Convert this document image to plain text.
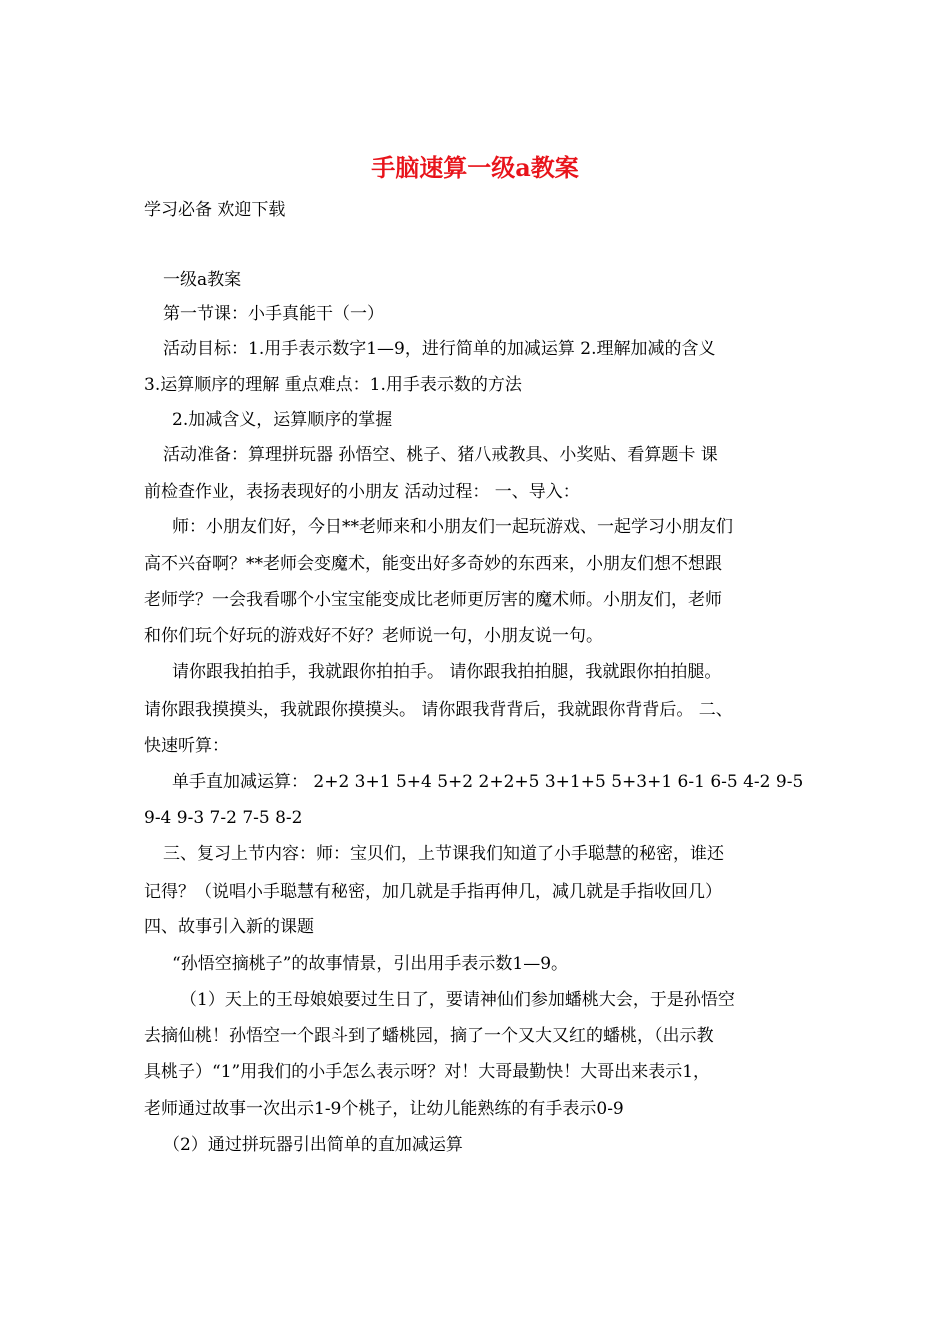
手脑速算一级a教案
学习必备 欢迎下载
一级a教案
第一节课：小手真能干（一）
活动目标：1.用手表示数字1—9，进行简单的加减运算 2.理解加减的含义
3.运算顺序的理解 重点难点：1.用手表示数的方法
2.加减含义，运算顺序的掌握
活动准备：算理拼玩器 孙悟空、桃子、猪八戒教具、小奖贴、看算题卡 课
前检查作业，表扬表现好的小朋友 活动过程： 一、导入：
师：小朋友们好，今日**老师来和小朋友们一起玩游戏、一起学习小朋友们
高不兴奋啊？**老师会变魔术，能变出好多奇妙的东西来，小朋友们想不想跟
老师学？一会我看哪个小宝宝能变成比老师更厉害的魔术师。小朋友们，老师
和你们玩个好玩的游戏好不好？老师说一句，小朋友说一句。
请你跟我拍拍手，我就跟你拍拍手。 请你跟我拍拍腿，我就跟你拍拍腿。
请你跟我摸摸头，我就跟你摸摸头。 请你跟我背背后，我就跟你背背后。 二、
快速听算：
单手直加减运算： 2+2 3+1 5+4 5+2 2+2+5 3+1+5 5+3+1 6-1 6-5 4-2 9-5
9-4 9-3 7-2 7-5 8-2
三、复习上节内容：师：宝贝们，上节课我们知道了小手聪慧的秘密，谁还
记得？（说唱小手聪慧有秘密，加几就是手指再伸几，减几就是手指收回几）
四、故事引入新的课题
“孙悟空摘桃子”的故事情景，引出用手表示数1—9。
（1）天上的王母娘娘要过生日了，要请神仙们参加蟠桃大会，于是孙悟空
去摘仙桃！孙悟空一个跟斗到了蟠桃园，摘了一个又大又红的蟠桃，（出示教
具桃子）“1”用我们的小手怎么表示呀？对！大哥最勤快！大哥出来表示1，
老师通过故事一次出示1-9个桃子，让幼儿能熟练的有手表示0-9
（2）通过拼玩器引出简单的直加减运算
